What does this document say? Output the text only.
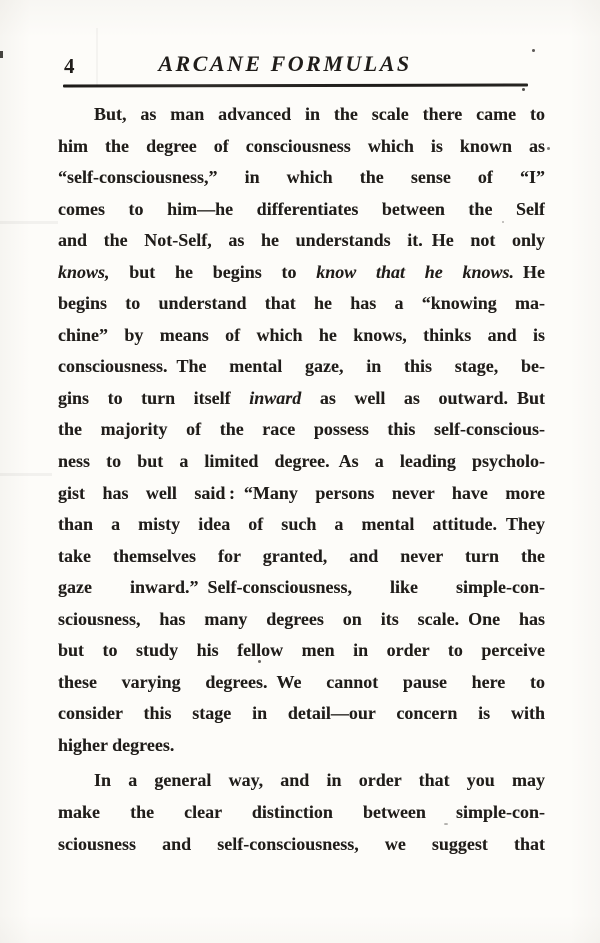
4	ARCANE FORMULAS
But, as man advanced in the scale there came to
him the degree of consciousness which is known as
“self-consciousness,” in which the sense of “I”
comes to him—he differentiates between the Self
and the Not-Self, as he understands it. He not only
knows, but he begins to know that he knows. He
begins to understand that he has a “knowing ma-
chine” by means of which he knows, thinks and is
consciousness. The mental gaze, in this stage, be-
gins to turn itself inward as well as outward. But
the majority of the race possess this self-conscious-
ness to but a limited degree. As a leading psycholo-
gist has well said : “Many persons never have more
than a misty idea of such a mental attitude. They
take themselves for granted, and never turn the
gaze inward.” Self-consciousness, like simple-con-
sciousness, has many degrees on its scale. One has
but to study his fellow men in order to perceive
these varying degrees. We cannot pause here to
consider this stage in detail—our concern is with
higher degrees.
In a general way, and in order that you may
make the clear distinction between simple-con-
sciousness and self-consciousness, we suggest that
